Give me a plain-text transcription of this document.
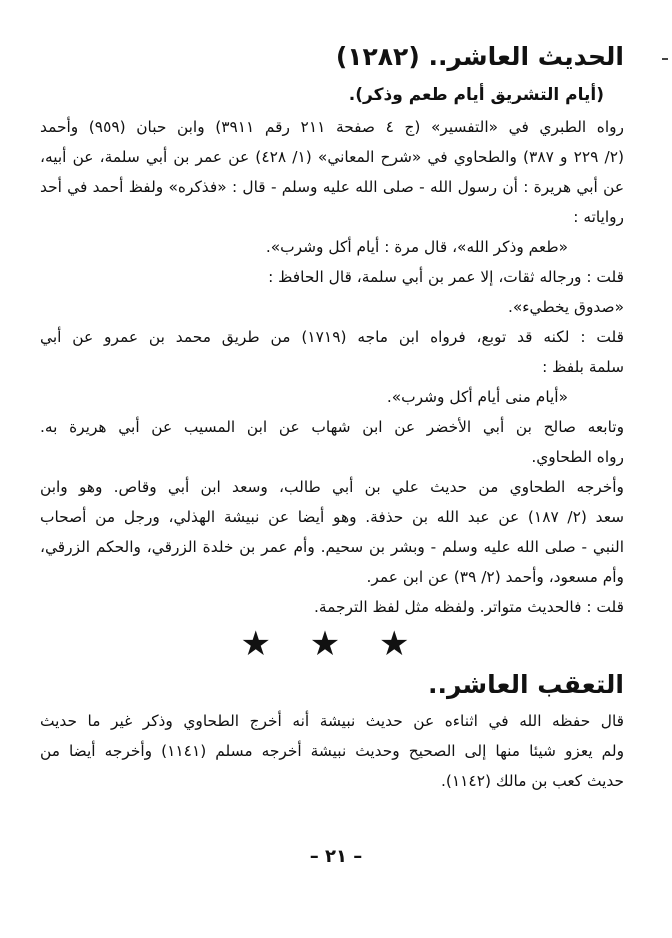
الحديث العاشر.. (١٢٨٢)
(أيام التشريق أيام طعم وذكر).
رواه الطبري في «التفسير» (ج ٤ صفحة ٢١١ رقم ٣٩١١) وابن حبان (٩٥٩) وأحمد
(٢/ ٢٢٩ و ٣٨٧) والطحاوي في «شرح المعاني» (١/ ٤٢٨) عن عمر بن أبي سلمة، عن أبيه،
عن أبي هريرة : أن رسول الله - صلى الله عليه وسلم - قال : «فذكره» ولفظ أحمد في أحد
رواياته :
«طعم وذكر الله»، قال مرة : أيام أكل وشرب».
قلت : ورجاله ثقات، إلا عمر بن أبي سلمة، قال الحافظ :
«صدوق يخطيء».
قلت : لكنه قد توبع، فرواه ابن ماجه (١٧١٩) من طريق محمد بن عمرو عن أبي
سلمة بلفظ :
«أيام منى أيام أكل وشرب».
وتابعه صالح بن أبي الأخضر عن ابن شهاب عن ابن المسيب عن أبي هريرة به.
رواه الطحاوي.
وأخرجه الطحاوي من حديث علي بن أبي طالب، وسعد ابن أبي وقاص. وهو وابن
سعد (٢/ ١٨٧) عن عبد الله بن حذفة. وهو أيضا عن نبيشة الهذلي، ورجل من أصحاب
النبي - صلى الله عليه وسلم - وبشر بن سحيم. وأم عمر بن خلدة الزرقي، والحكم الزرقي،
وأم مسعود، وأحمد (٢/ ٣٩) عن ابن عمر.
قلت : فالحديث متواتر. ولفظه مثل لفظ الترجمة.
★ ★ ★
التعقب العاشر..
قال حفظه الله في اثناءه عن حديث نبيشة أنه أخرج الطحاوي وذكر غير ما حديث
ولم يعزو شيئا منها إلى الصحيح وحديث نبيشة أخرجه مسلم (١١٤١) وأخرجه أيضا من
حديث كعب بن مالك (١١٤٢).
– ٢١ –
